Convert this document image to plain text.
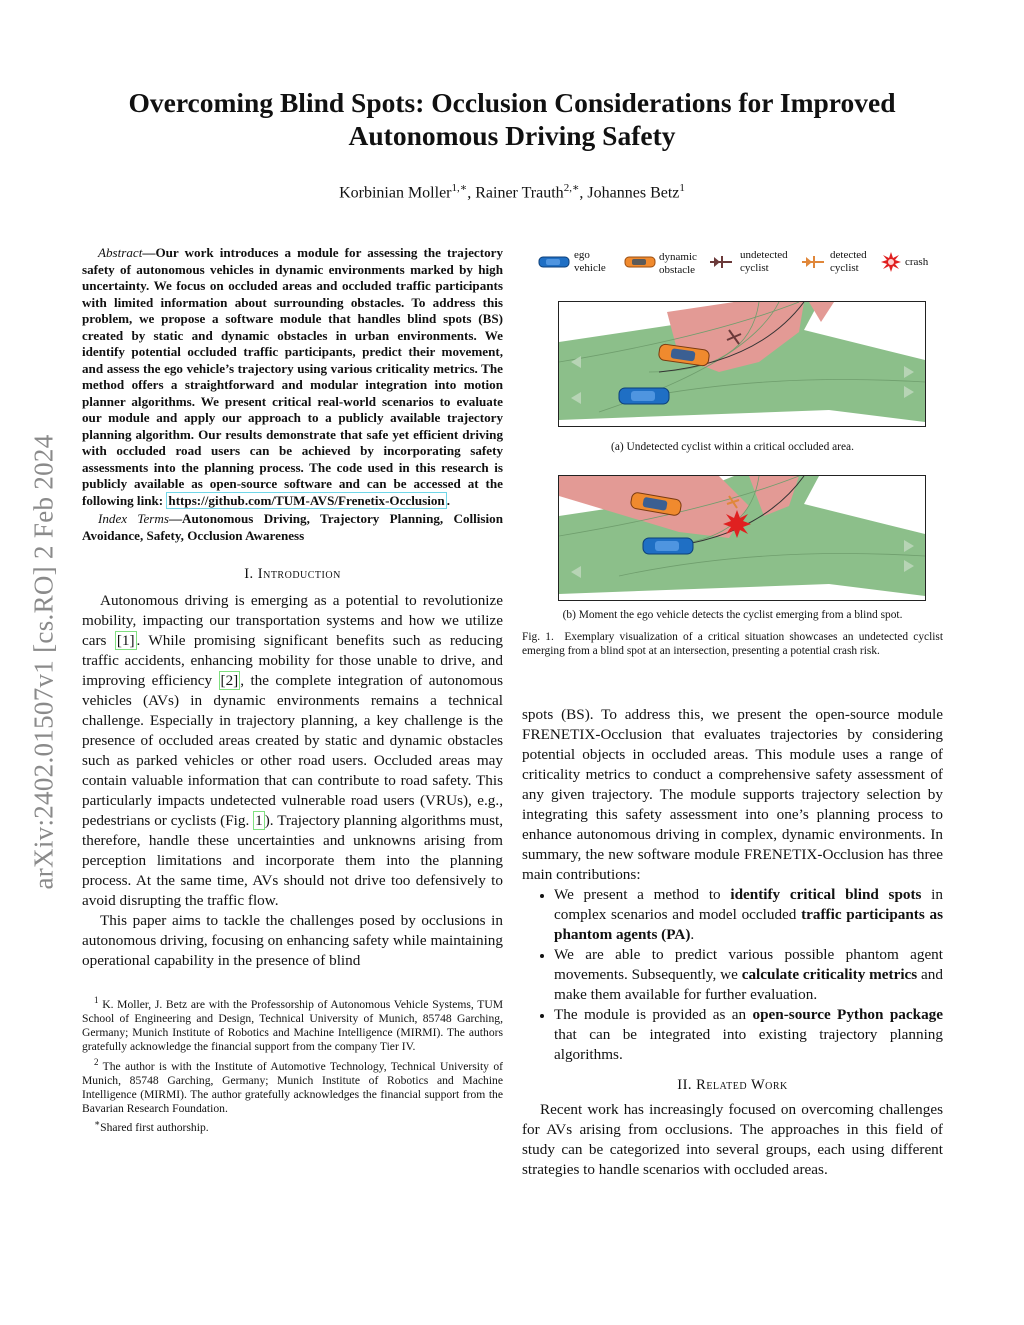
arXiv:2402.01507v1 [cs.RO] 2 Feb 2024
Overcoming Blind Spots: Occlusion Considerations for Improved Autonomous Driving Safety
Korbinian Moller$^{1,∗}$, Rainer Trauth$^{2,∗}$, Johannes Betz$^1$

Abstract—Our work introduces a module for assessing the trajectory safety of autonomous vehicles in dynamic environments marked by high uncertainty. We focus on occluded areas and occluded traffic participants with limited information about surrounding obstacles. To address this problem, we propose a software module that handles blind spots (BS) created by static and dynamic obstacles in urban environments. We identify potential occluded traffic participants, predict their movement, and assess the ego vehicle’s trajectory using various criticality metrics. The method offers a straightforward and modular integration into motion planner algorithms. We present critical real-world scenarios to evaluate our module and apply our approach to a publicly available trajectory planning algorithm. Our results demonstrate that safe yet efficient driving with occluded road users can be achieved by incorporating safety assessments into the planning process. The code used in this research is publicly available as open-source software and can be accessed at the following link: https://github.com/TUM-AVS/Frenetix-Occlusion .

Index Terms—Autonomous Driving, Trajectory Planning, Collision Avoidance, Safety, Occlusion Awareness

I. Introduction

Autonomous driving is emerging as a potential to revolutionize mobility, impacting our transportation systems and how we utilize cars [1] . While promising significant benefits such as reducing traffic accidents, enhancing mobility for those unable to drive, and improving efficiency [2] , the complete integration of autonomous vehicles (AVs) in dynamic environments remains a technical challenge. Especially in trajectory planning, a key challenge is the presence of occluded areas created by static and dynamic obstacles such as parked vehicles or other road users. Occluded areas may contain valuable information that can contribute to road safety. This particularly impacts undetected vulnerable road users (VRUs), e.g., pedestrians or cyclists (Fig. 1 ). Trajectory planning algorithms must, therefore, handle these uncertainties and unknowns arising from perception limitations and incorporate them into the planning process. At the same time, AVs should not drive too defensively to avoid disrupting the traffic flow.

This paper aims to tackle the challenges posed by occlusions in autonomous driving, focusing on enhancing safety while maintaining operational capability in the presence of blind

$^1$ K. Moller, J. Betz are with the Professorship of Autonomous Vehicle Systems, TUM School of Engineering and Design, Technical University of Munich, 85748 Garching, Germany; Munich Institute of Robotics and Machine Intelligence (MIRMI). The authors gratefully acknowledge the financial support from the company Tier IV.

$^2$ The author is with the Institute of Automotive Technology, Technical University of Munich, 85748 Garching, Germany; Munich Institute of Robotics and Machine Intelligence (MIRMI). The author gratefully acknowledges the financial support from the Bavarian Research Foundation.

∗Shared first authorship.

ego
vehicle
dynamic
obstacle
undetected
cyclist
detected
cyclist	crash
(a) Undetected cyclist within a critical occluded area.
(b) Moment the ego vehicle detects the cyclist emerging from a blind spot.

Fig. 1. Exemplary visualization of a critical situation showcases an undetected cyclist emerging from a blind spot at an intersection, presenting a potential crash risk.

spots (BS). To address this, we present the open-source module FRENETIX-Occlusion that evaluates trajectories by considering potential objects in occluded areas. This module uses a range of criticality metrics to conduct a comprehensive safety assessment of any given trajectory. The module supports trajectory selection by integrating this safety assessment into one’s planning process to enhance autonomous driving in complex, dynamic environments. In summary, the new software module FRENETIX-Occlusion has three main contributions:

• We present a method to identify critical blind spots in complex scenarios and model occluded traffic participants as phantom agents (PA).
• We are able to predict various possible phantom agent movements. Subsequently, we calculate criticality metrics and make them available for further evaluation.
• The module is provided as an open-source Python package that can be integrated into existing trajectory planning algorithms.

II. Related Work

Recent work has increasingly focused on overcoming challenges for AVs arising from occlusions. The approaches in this field of study can be categorized into several groups, each using different strategies to handle scenarios with occluded areas.
